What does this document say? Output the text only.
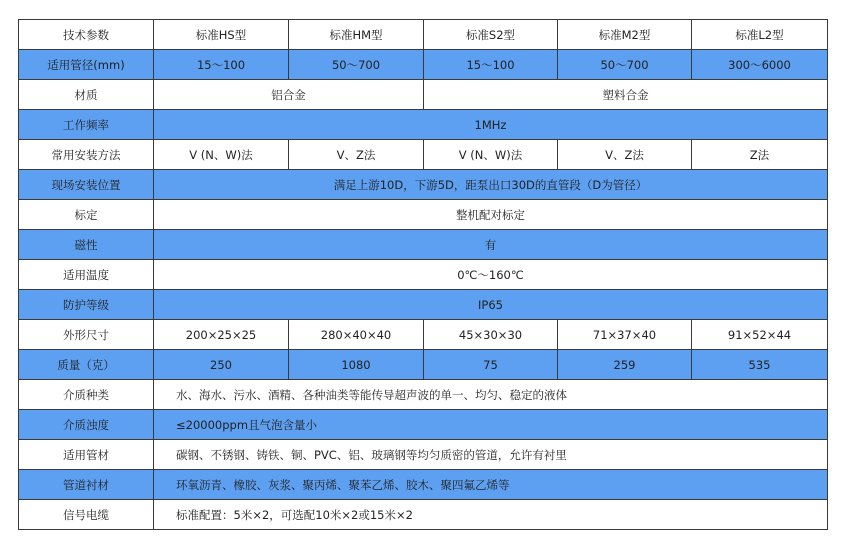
技术参数	标准HS型	标准HM型	标准S2型	标准M2型	标准L2型
适用管径(mm)	15～100	50～700	15～100	50～700	300～6000
材质	铝合金		塑料合金		
工作频率	1MHz				
常用安装方法	V (N、W)法	V、Z法	V (N、W)法	V、Z法	Z法
现场安装位置	满足上游10D，下游5D，距泵出口30D的直管段（D为管径）				
标定	整机配对标定				
磁性	有				
适用温度	0℃～160℃				
防护等级	IP65				
外形尺寸	200×25×25	280×40×40	45×30×30	71×37×40	91×52×44
质量（克）	250	1080	75	259	535
介质种类	水、海水、污水、酒精、各种油类等能传导超声波的单一、均匀、稳定的液体				
介质浊度	≤20000ppm且气泡含量小				
适用管材	碳钢、不锈钢、铸铁、铜、PVC、铝、玻璃钢等均匀质密的管道，允许有衬里				
管道衬材	环氧沥青、橡胶、灰浆、聚丙烯、聚苯乙烯、胶木、聚四氟乙烯等				
信号电缆	标准配置：5米×2，可选配10米×2或15米×2				
